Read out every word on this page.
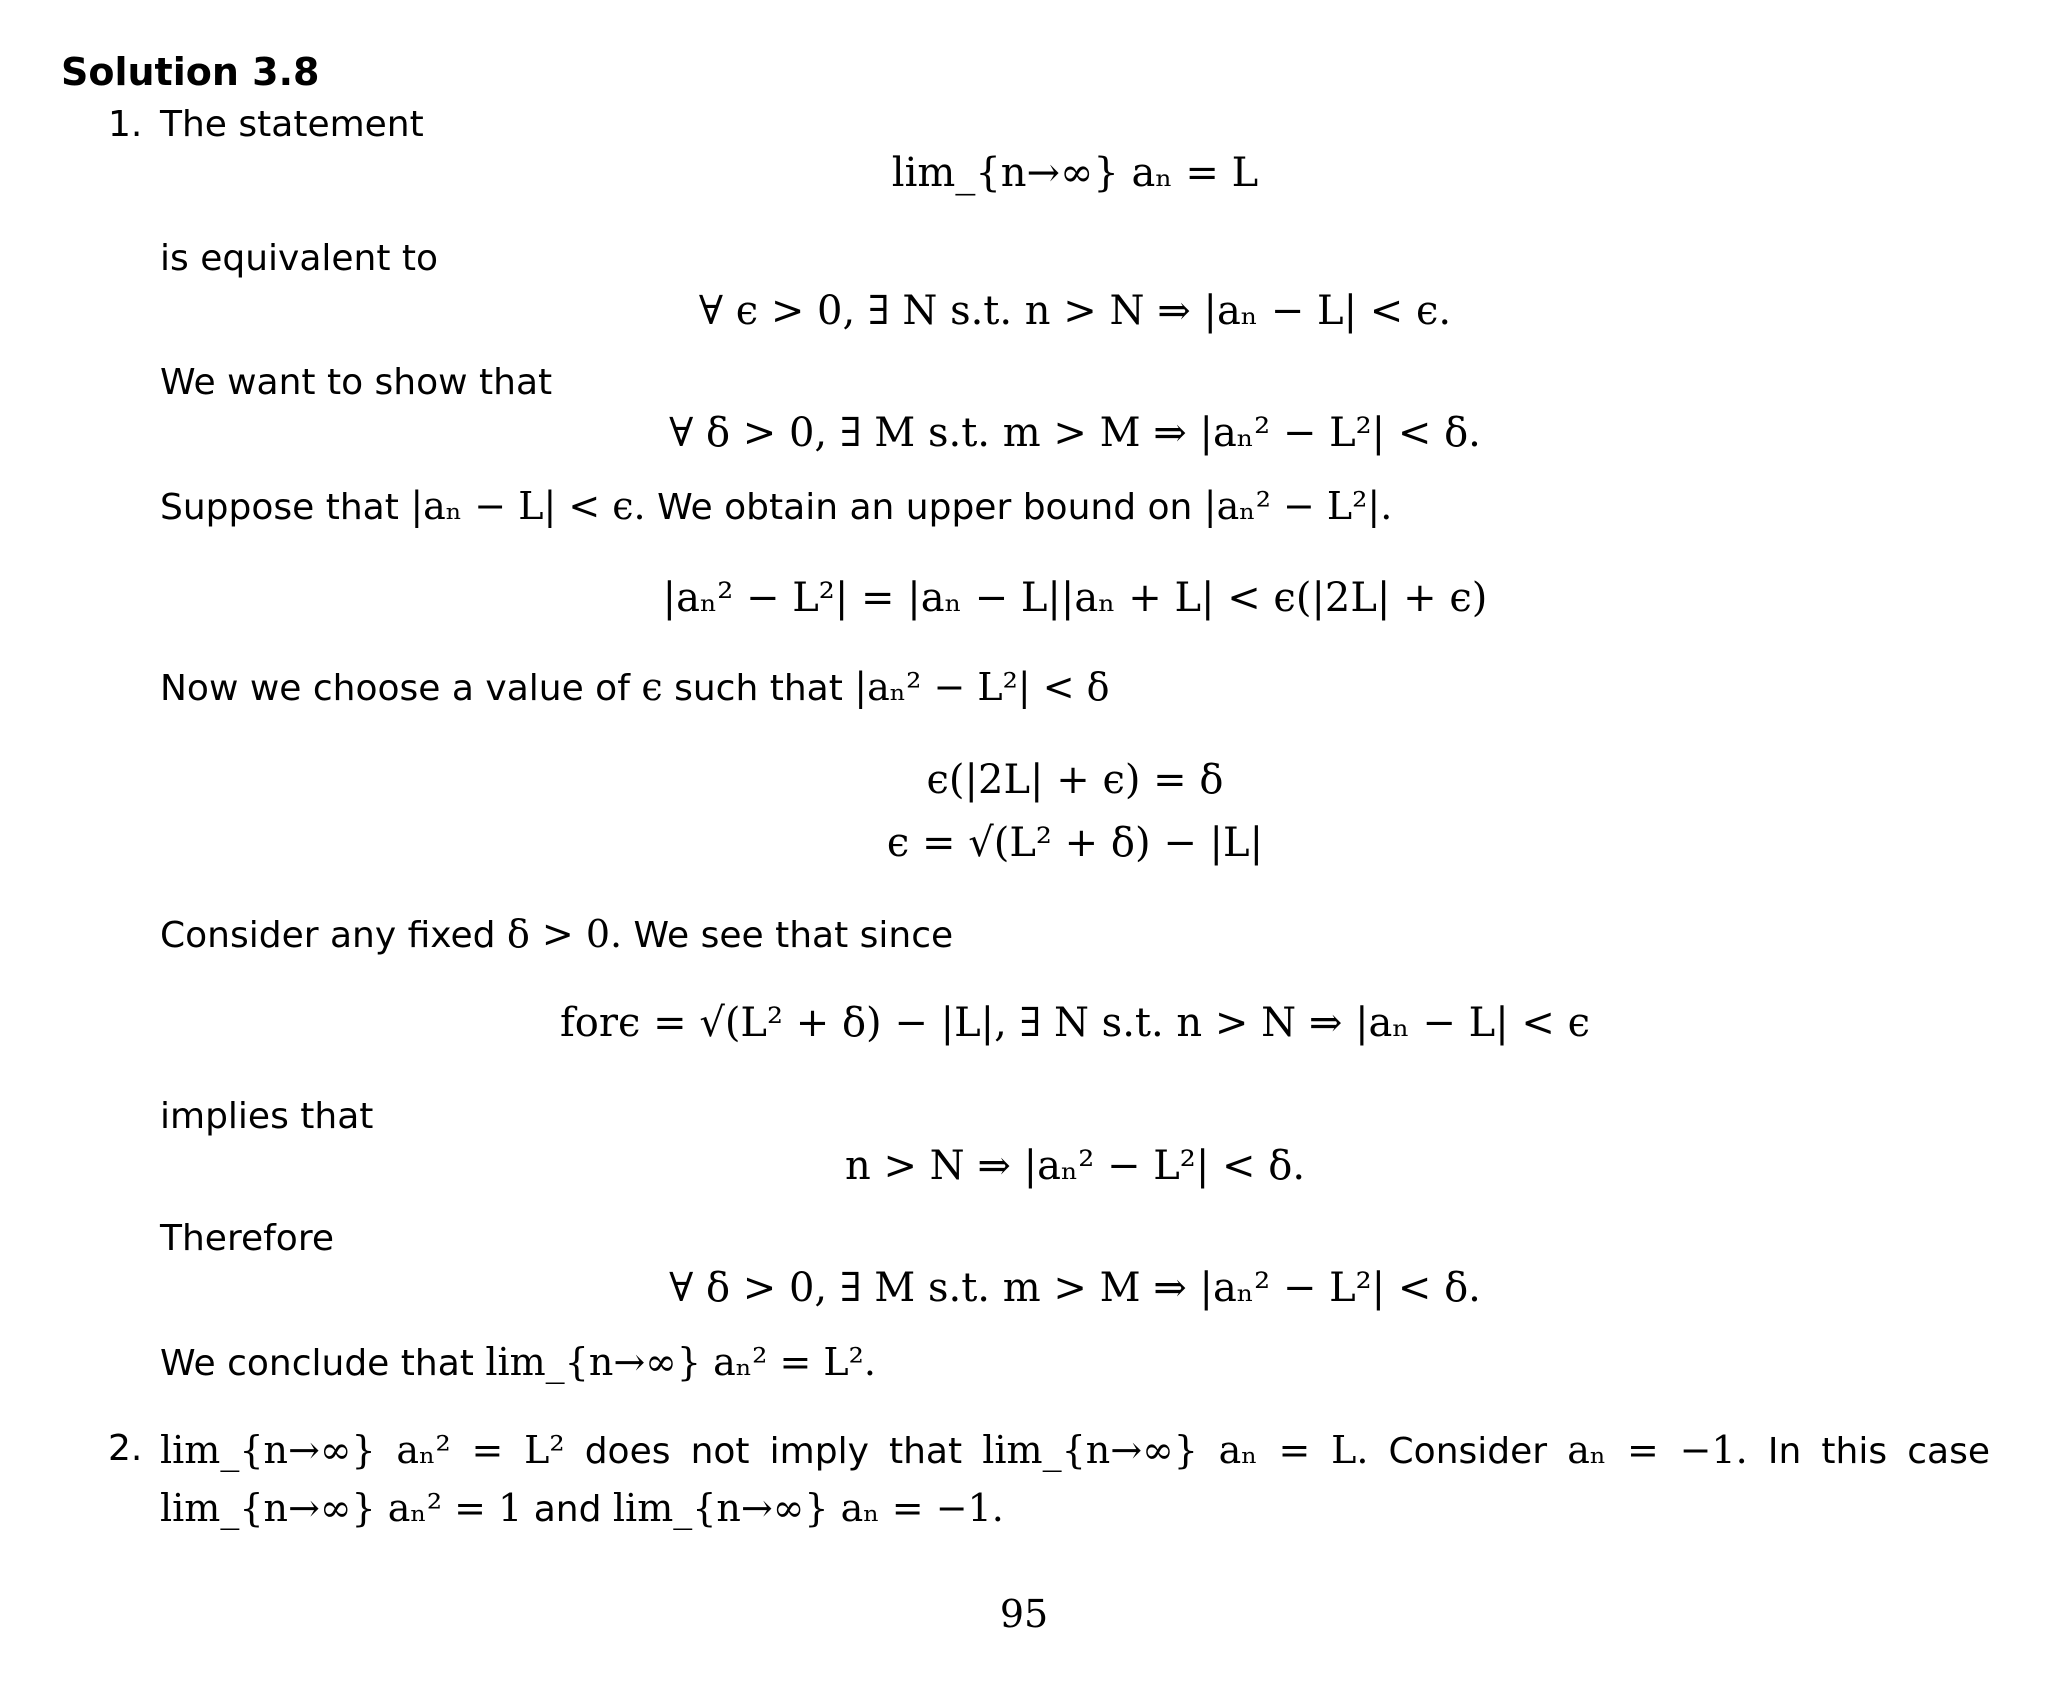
Solution 3.8
1. The statement
lim_{n→∞} aₙ = L
is equivalent to
∀ ϵ > 0, ∃ N s.t. n > N ⇒ |aₙ − L| < ϵ.
We want to show that
∀ δ > 0, ∃ M s.t. m > M ⇒ |aₙ² − L²| < δ.
Suppose that |aₙ − L| < ϵ. We obtain an upper bound on |aₙ² − L²|.
|aₙ² − L²| = |aₙ − L||aₙ + L| < ϵ(|2L| + ϵ)
Now we choose a value of ϵ such that |aₙ² − L²| < δ
ϵ(|2L| + ϵ) = δ
ϵ = √(L² + δ) − |L|
Consider any fixed δ > 0. We see that since
forϵ = √(L² + δ) − |L|, ∃ N s.t. n > N ⇒ |aₙ − L| < ϵ
implies that
n > N ⇒ |aₙ² − L²| < δ.
Therefore
∀ δ > 0, ∃ M s.t. m > M ⇒ |aₙ² − L²| < δ.
We conclude that lim_{n→∞} aₙ² = L².
2. lim_{n→∞} aₙ² = L² does not imply that lim_{n→∞} aₙ = L. Consider aₙ = −1. In this case lim_{n→∞} aₙ² = 1 and lim_{n→∞} aₙ = −1.
95
